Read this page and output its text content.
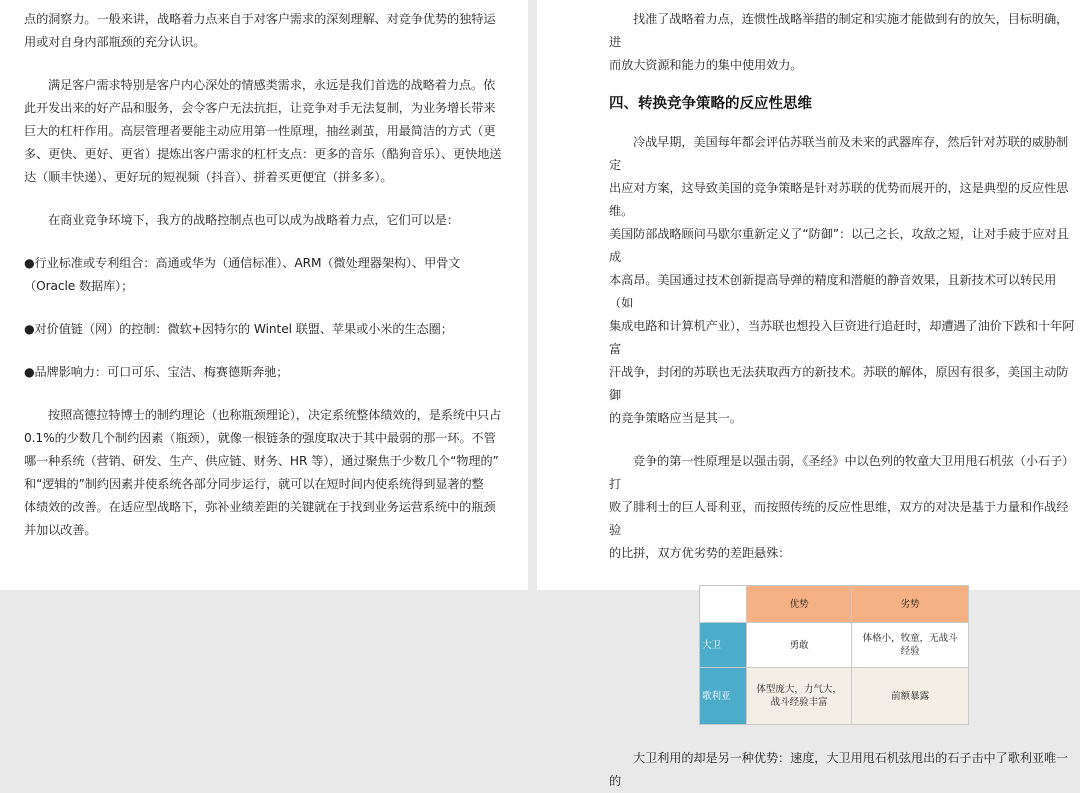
点的洞察力。一般来讲，战略着力点来自于对客户需求的深刻理解、对竞争优势的独特运

用或对自身内部瓶颈的充分认识。

满足客户需求特别是客户内心深处的情感类需求，永远是我们首选的战略着力点。依

此开发出来的好产品和服务，会令客户无法抗拒，让竞争对手无法复制，为业务增长带来

巨大的杠杆作用。高层管理者要能主动应用第一性原理，抽丝剥茧，用最简洁的方式（更

多、更快、更好、更省）提炼出客户需求的杠杆支点：更多的音乐（酷狗音乐）、更快地送

达（顺丰快递）、更好玩的短视频（抖音）、拼着买更便宜（拼多多）。

在商业竞争环境下，我方的战略控制点也可以成为战略着力点，它们可以是：

●行业标准或专利组合：高通或华为（通信标准）、ARM（微处理器架构）、甲骨文

（Oracle 数据库）；

●对价值链（网）的控制：微软+因特尔的 Wintel 联盟、苹果或小米的生态圈；

●品牌影响力：可口可乐、宝洁、梅赛德斯奔驰；

按照高德拉特博士的制约理论（也称瓶颈理论），决定系统整体绩效的，是系统中只占

0.1%的少数几个制约因素（瓶颈），就像一根链条的强度取决于其中最弱的那一环。不管

哪一种系统（营销、研发、生产、供应链、财务、HR 等），通过聚焦于少数几个“物理的”

和“逻辑的”制约因素并使系统各部分同步运行，就可以在短时间内使系统得到显著的整

体绩效的改善。在适应型战略下，弥补业绩差距的关键就在于找到业务运营系统中的瓶颈

并加以改善。

找准了战略着力点，连惯性战略举措的制定和实施才能做到有的放矢，目标明确，进

而放大资源和能力的集中使用效力。

四、转换竞争策略的反应性思维

冷战早期，美国每年都会评估苏联当前及未来的武器库存，然后针对苏联的威胁制定

出应对方案，这导致美国的竞争策略是针对苏联的优势而展开的，这是典型的反应性思维。

美国防部战略顾问马歇尔重新定义了“防御”：以己之长，攻敌之短，让对手疲于应对且成

本高昂。美国通过技术创新提高导弹的精度和潜艇的静音效果，且新技术可以转民用（如

集成电路和计算机产业），当苏联也想投入巨资进行追赶时，却遭遇了油价下跌和十年阿富

汗战争，封闭的苏联也无法获取西方的新技术。苏联的解体，原因有很多，美国主动防御

的竞争策略应当是其一。

竞争的第一性原理是以强击弱，《圣经》中以色列的牧童大卫用甩石机弦（小石子）打

败了腓利士的巨人哥利亚，而按照传统的反应性思维，双方的对决是基于力量和作战经验

的比拼，双方优劣势的差距悬殊：

	优势	劣势
大卫	勇敢	体格小，牧童，无战斗
经验

歌利亚	体型庞大，力气大，
战斗经验丰富	前额暴露

大卫利用的却是另一种优势：速度，大卫用甩石机弦甩出的石子击中了歌利亚唯一的
